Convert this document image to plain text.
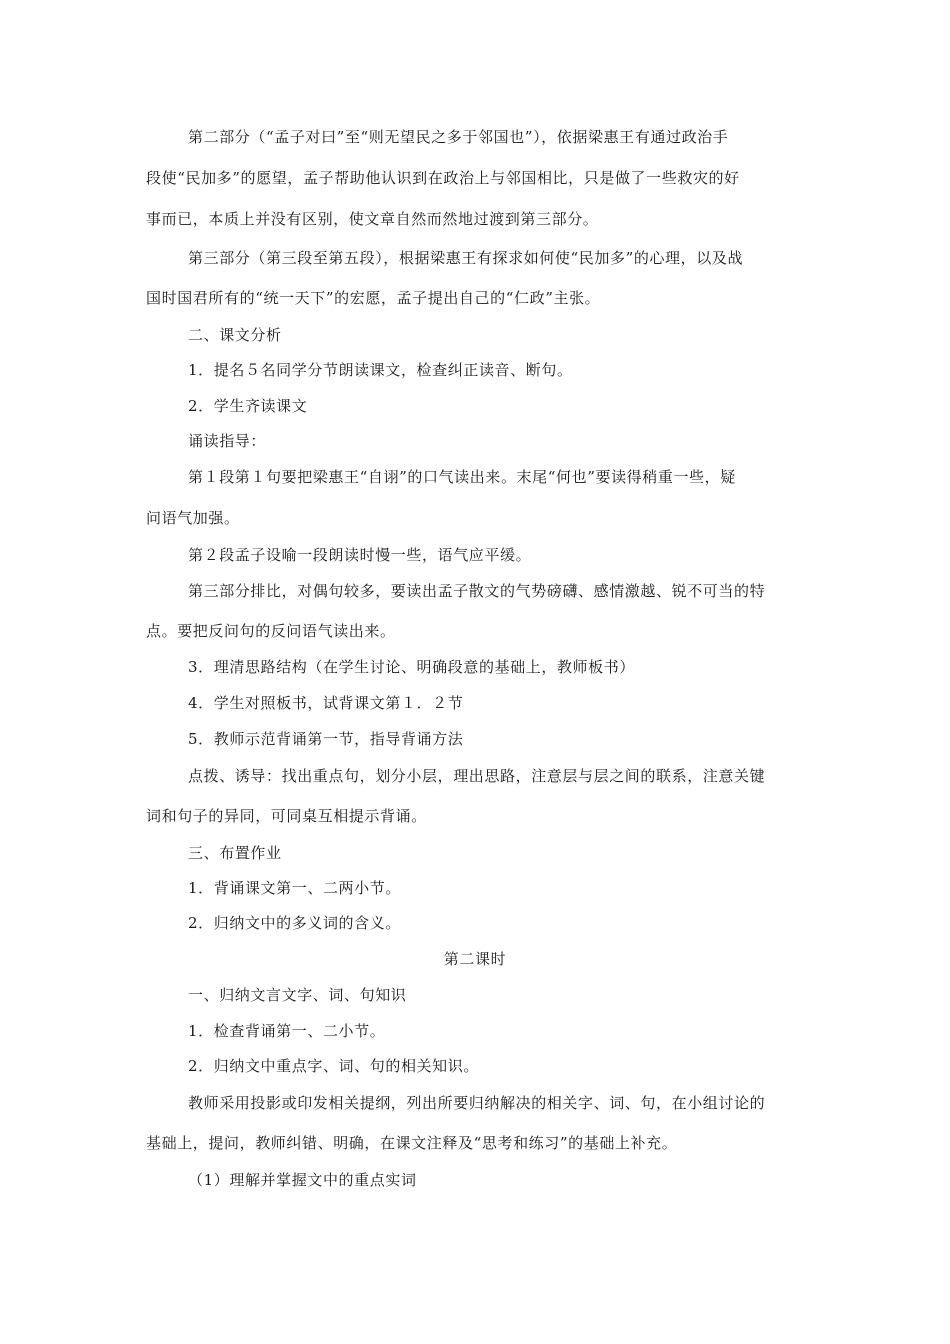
第二部分（“孟子对曰”至“则无望民之多于邻国也”），依据梁惠王有通过政治手
段使“民加多”的愿望，孟子帮助他认识到在政治上与邻国相比，只是做了一些救灾的好
事而已，本质上并没有区别，使文章自然而然地过渡到第三部分。
第三部分（第三段至第五段），根据梁惠王有探求如何使“民加多”的心理，以及战
国时国君所有的“统一天下”的宏愿，孟子提出自己的“仁政”主张。
二、课文分析
1．提名５名同学分节朗读课文，检查纠正读音、断句。
2．学生齐读课文
诵读指导：
第１段第１句要把梁惠王“自诩”的口气读出来。末尾“何也”要读得稍重一些，疑
问语气加强。
第２段孟子设喻一段朗读时慢一些，语气应平缓。
第三部分排比，对偶句较多，要读出孟子散文的气势磅礴、感情激越、锐不可当的特
点。要把反问句的反问语气读出来。
3．理清思路结构（在学生讨论、明确段意的基础上，教师板书）
4．学生对照板书，试背课文第１．２节
5．教师示范背诵第一节，指导背诵方法
点拨、诱导：找出重点句，划分小层，理出思路，注意层与层之间的联系，注意关键
词和句子的异同，可同桌互相提示背诵。
三、布置作业
1．背诵课文第一、二两小节。
2．归纳文中的多义词的含义。
第二课时
一、归纳文言文字、词、句知识
1．检查背诵第一、二小节。
2．归纳文中重点字、词、句的相关知识。
教师采用投影或印发相关提纲，列出所要归纳解决的相关字、词、句，在小组讨论的
基础上，提问，教师纠错、明确，在课文注释及“思考和练习”的基础上补充。
（1）理解并掌握文中的重点实词
